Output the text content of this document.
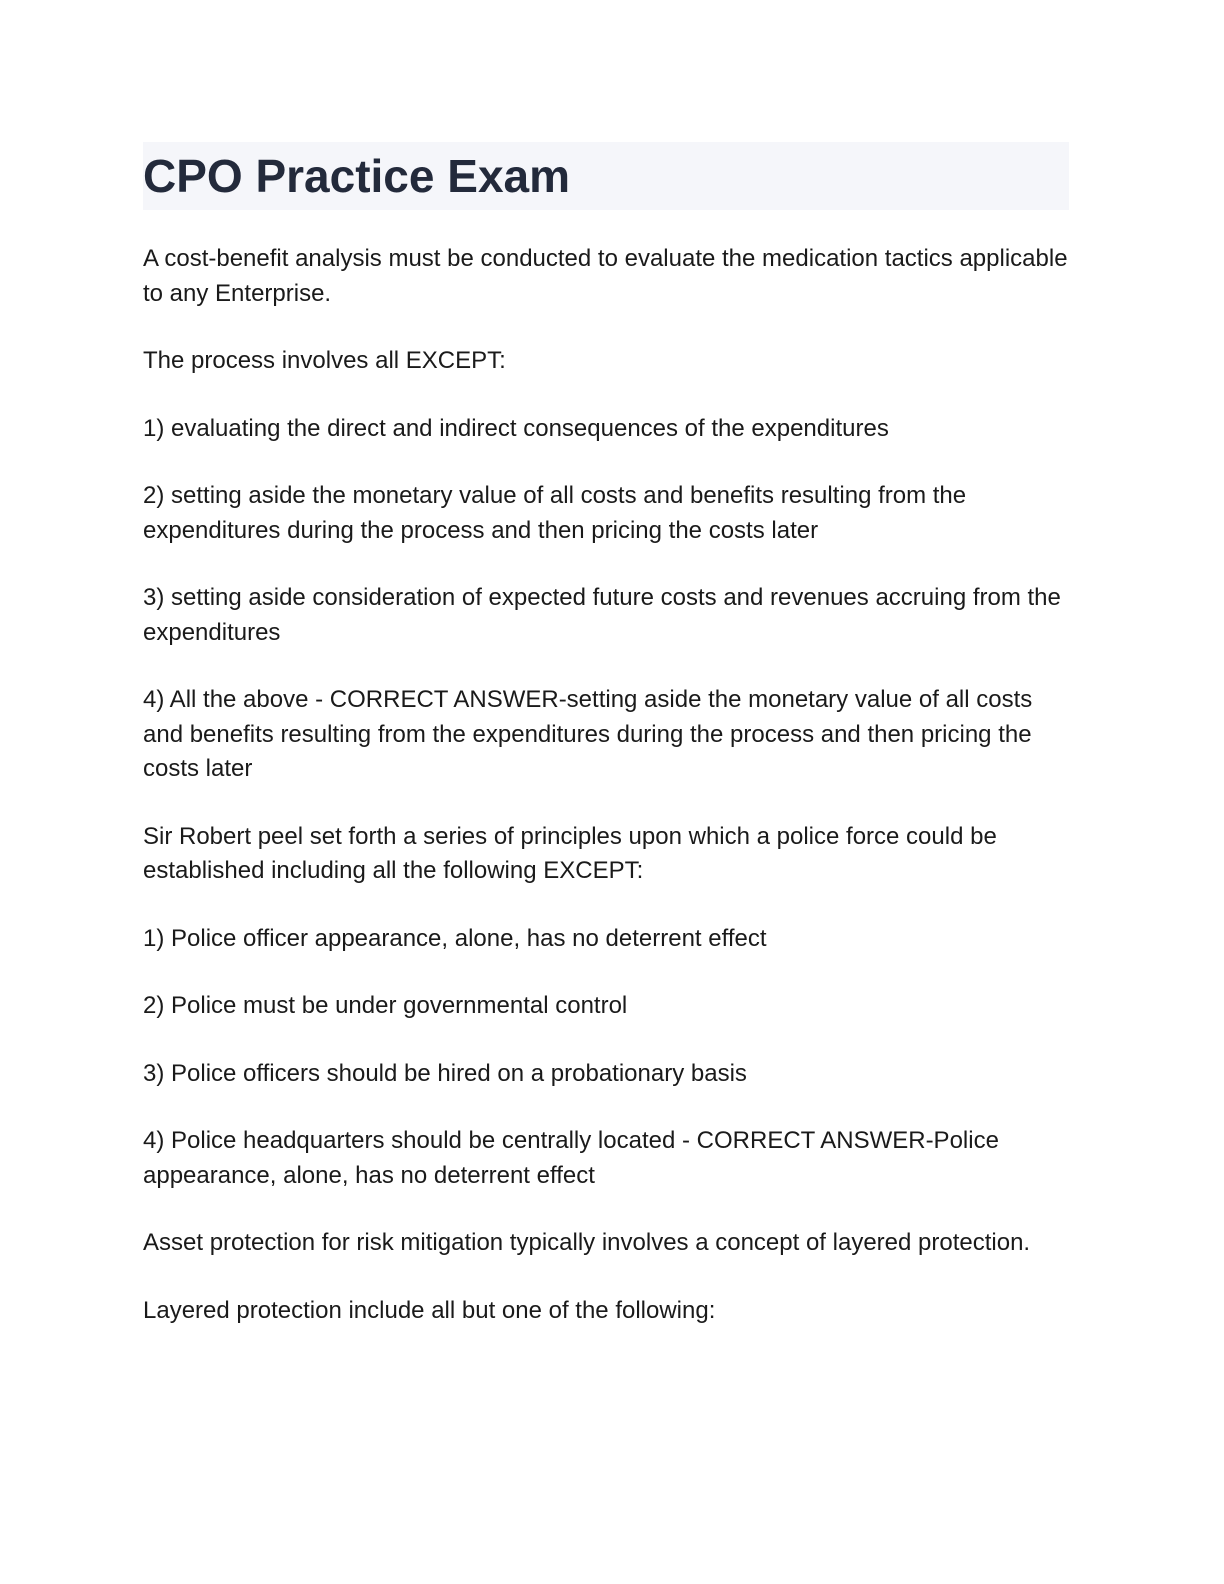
CPO Practice Exam

A cost-benefit analysis must be conducted to evaluate the medication tactics applicable to any Enterprise.

The process involves all EXCEPT:

1) evaluating the direct and indirect consequences of the expenditures

2) setting aside the monetary value of all costs and benefits resulting from the expenditures during the process and then pricing the costs later

3) setting aside consideration of expected future costs and revenues accruing from the expenditures

4) All the above - CORRECT ANSWER-setting aside the monetary value of all costs and benefits resulting from the expenditures during the process and then pricing the costs later

Sir Robert peel set forth a series of principles upon which a police force could be established including all the following EXCEPT:

1) Police officer appearance, alone, has no deterrent effect

2) Police must be under governmental control

3) Police officers should be hired on a probationary basis

4) Police headquarters should be centrally located - CORRECT ANSWER-Police appearance, alone, has no deterrent effect

Asset protection for risk mitigation typically involves a concept of layered protection.

Layered protection include all but one of the following:
